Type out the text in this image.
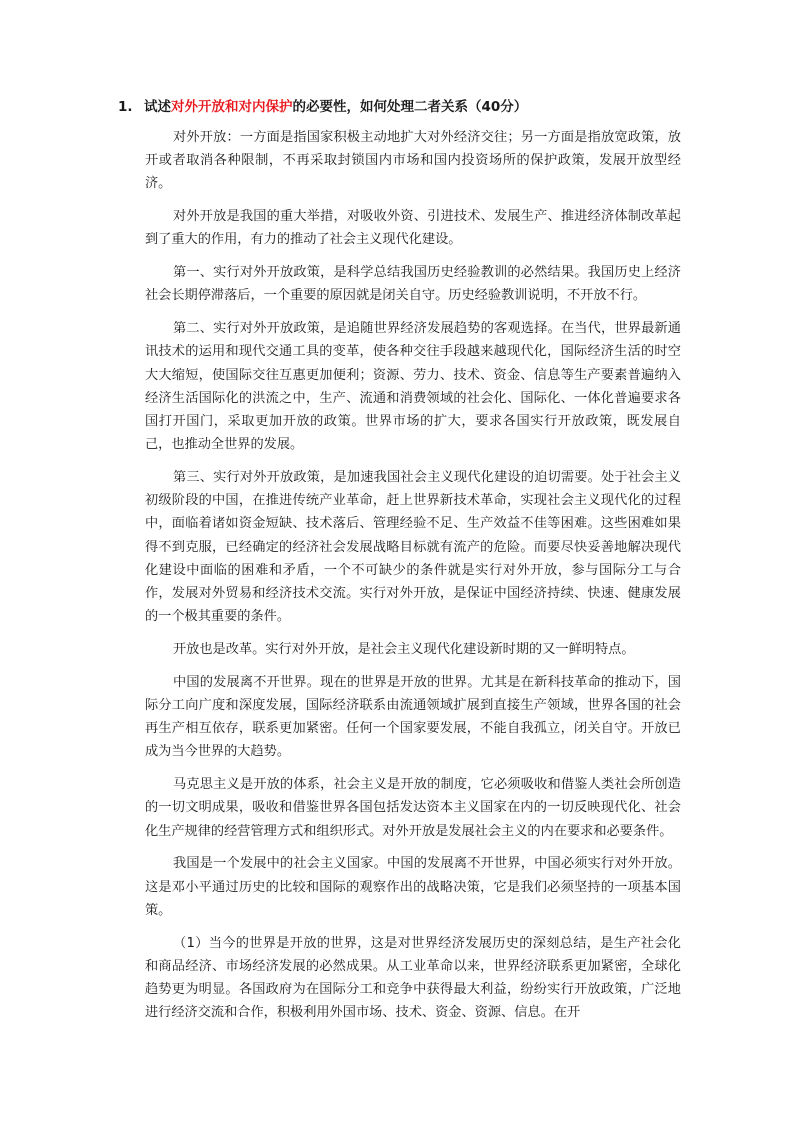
1. 试述对外开放和对内保护的必要性，如何处理二者关系（40分）

对外开放：一方面是指国家积极主动地扩大对外经济交往；另一方面是指放宽政策，放开或者取消各种限制，不再采取封锁国内市场和国内投资场所的保护政策，发展开放型经济。

对外开放是我国的重大举措，对吸收外资、引进技术、发展生产、推进经济体制改革起到了重大的作用，有力的推动了社会主义现代化建设。

第一、实行对外开放政策，是科学总结我国历史经验教训的必然结果。我国历史上经济社会长期停滞落后，一个重要的原因就是闭关自守。历史经验教训说明，不开放不行。

第二、实行对外开放政策，是追随世界经济发展趋势的客观选择。在当代，世界最新通讯技术的运用和现代交通工具的变革，使各种交往手段越来越现代化，国际经济生活的时空大大缩短，使国际交往互惠更加便利；资源、劳力、技术、资金、信息等生产要素普遍纳入经济生活国际化的洪流之中，生产、流通和消费领域的社会化、国际化、一体化普遍要求各国打开国门，采取更加开放的政策。世界市场的扩大，要求各国实行开放政策，既发展自己，也推动全世界的发展。

第三、实行对外开放政策，是加速我国社会主义现代化建设的迫切需要。处于社会主义初级阶段的中国，在推进传统产业革命，赶上世界新技术革命，实现社会主义现代化的过程中，面临着诸如资金短缺、技术落后、管理经验不足、生产效益不佳等困难。这些困难如果得不到克服，已经确定的经济社会发展战略目标就有流产的危险。而要尽快妥善地解决现代化建设中面临的困难和矛盾，一个不可缺少的条件就是实行对外开放，参与国际分工与合作，发展对外贸易和经济技术交流。实行对外开放，是保证中国经济持续、快速、健康发展的一个极其重要的条件。

开放也是改革。实行对外开放，是社会主义现代化建设新时期的又一鲜明特点。

中国的发展离不开世界。现在的世界是开放的世界。尤其是在新科技革命的推动下，国际分工向广度和深度发展，国际经济联系由流通领域扩展到直接生产领域，世界各国的社会再生产相互依存，联系更加紧密。任何一个国家要发展，不能自我孤立，闭关自守。开放已成为当今世界的大趋势。

马克思主义是开放的体系，社会主义是开放的制度，它必须吸收和借鉴人类社会所创造的一切文明成果，吸收和借鉴世界各国包括发达资本主义国家在内的一切反映现代化、社会化生产规律的经营管理方式和组织形式。对外开放是发展社会主义的内在要求和必要条件。

我国是一个发展中的社会主义国家。中国的发展离不开世界，中国必须实行对外开放。这是邓小平通过历史的比较和国际的观察作出的战略决策，它是我们必须坚持的一项基本国策。

（1）当今的世界是开放的世界，这是对世界经济发展历史的深刻总结，是生产社会化和商品经济、市场经济发展的必然成果。从工业革命以来，世界经济联系更加紧密，全球化趋势更为明显。各国政府为在国际分工和竞争中获得最大利益，纷纷实行开放政策，广泛地进行经济交流和合作，积极利用外国市场、技术、资金、资源、信息。在开
